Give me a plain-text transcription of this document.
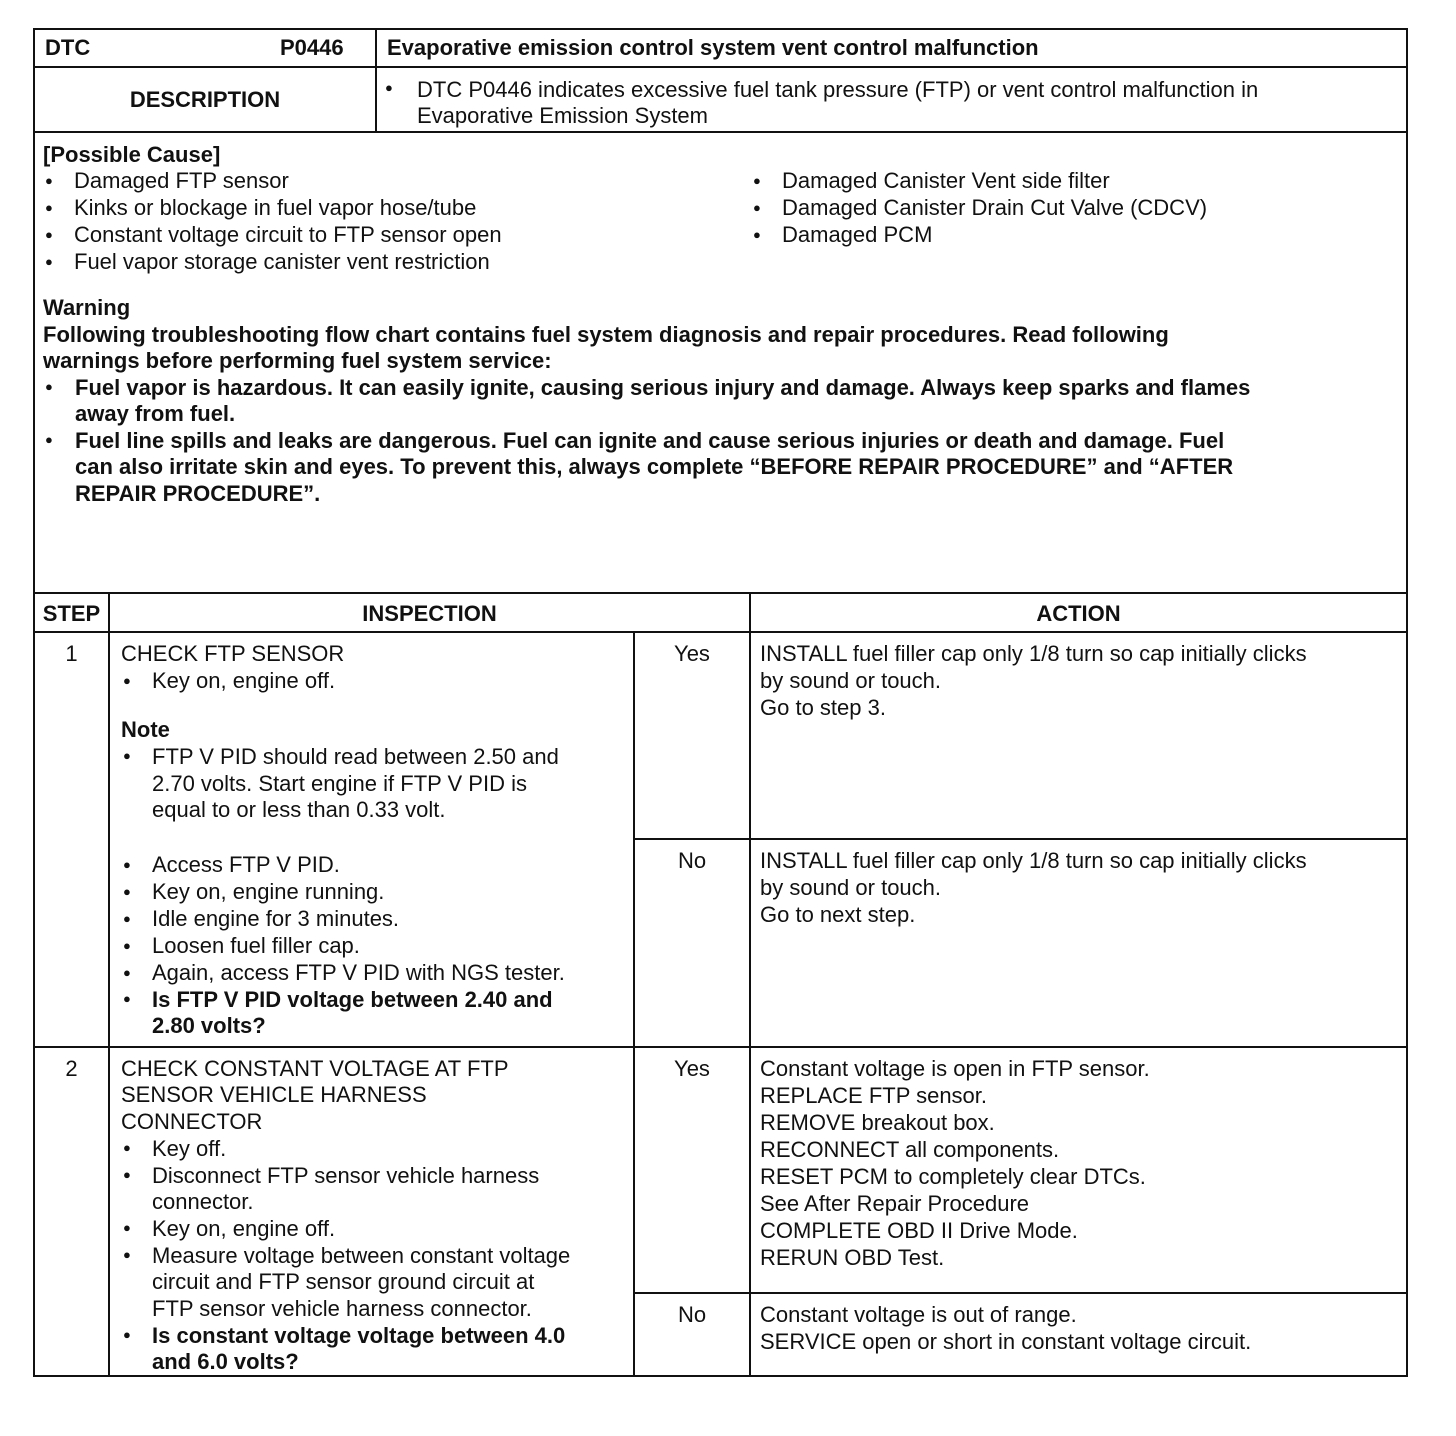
DTC	P0446 Evaporative emission control system vent control malfunction
DESCRIPTION	● DTC P0446 indicates excessive fuel tank pressure (FTP) or vent control malfunction in
Evaporative Emission System
[Possible Cause]
● Damaged FTP sensor
● Kinks or blockage in fuel vapor hose/tube
● Constant voltage circuit to FTP sensor open
● Fuel vapor storage canister vent restriction
● Damaged Canister Vent side filter
● Damaged Canister Drain Cut Valve (CDCV)
● Damaged PCM
Warning
Following troubleshooting flow chart contains fuel system diagnosis and repair procedures. Read following
warnings before performing fuel system service:
● Fuel vapor is hazardous. It can easily ignite, causing serious injury and damage. Always keep sparks and flames
away from fuel.
● Fuel line spills and leaks are dangerous. Fuel can ignite and cause serious injuries or death and damage. Fuel
can also irritate skin and eyes. To prevent this, always complete “BEFORE REPAIR PROCEDURE” and “AFTER
REPAIR PROCEDURE”.
STEP	INSPECTION	ACTION
1	CHECK FTP SENSOR
● Key on, engine off.
Note
● FTP V PID should read between 2.50 and
2.70 volts. Start engine if FTP V PID is
equal to or less than 0.33 volt.
● Access FTP V PID.
● Key on, engine running.
● Idle engine for 3 minutes.
● Loosen fuel filler cap.
● Again, access FTP V PID with NGS tester.
● Is FTP V PID voltage between 2.40 and
2.80 volts?
Yes	INSTALL fuel filler cap only 1/8 turn so cap initially clicks
by sound or touch.
Go to step 3.
No	INSTALL fuel filler cap only 1/8 turn so cap initially clicks
by sound or touch.
Go to next step.
2	CHECK CONSTANT VOLTAGE AT FTP
SENSOR VEHICLE HARNESS
CONNECTOR
● Key off.
● Disconnect FTP sensor vehicle harness
connector.
● Key on, engine off.
● Measure voltage between constant voltage
circuit and FTP sensor ground circuit at
FTP sensor vehicle harness connector.
● Is constant voltage voltage between 4.0
and 6.0 volts?
Yes	Constant voltage is open in FTP sensor.
REPLACE FTP sensor.
REMOVE breakout box.
RECONNECT all components.
RESET PCM to completely clear DTCs.
See After Repair Procedure
COMPLETE OBD II Drive Mode.
RERUN OBD Test.
No	Constant voltage is out of range.
SERVICE open or short in constant voltage circuit.
